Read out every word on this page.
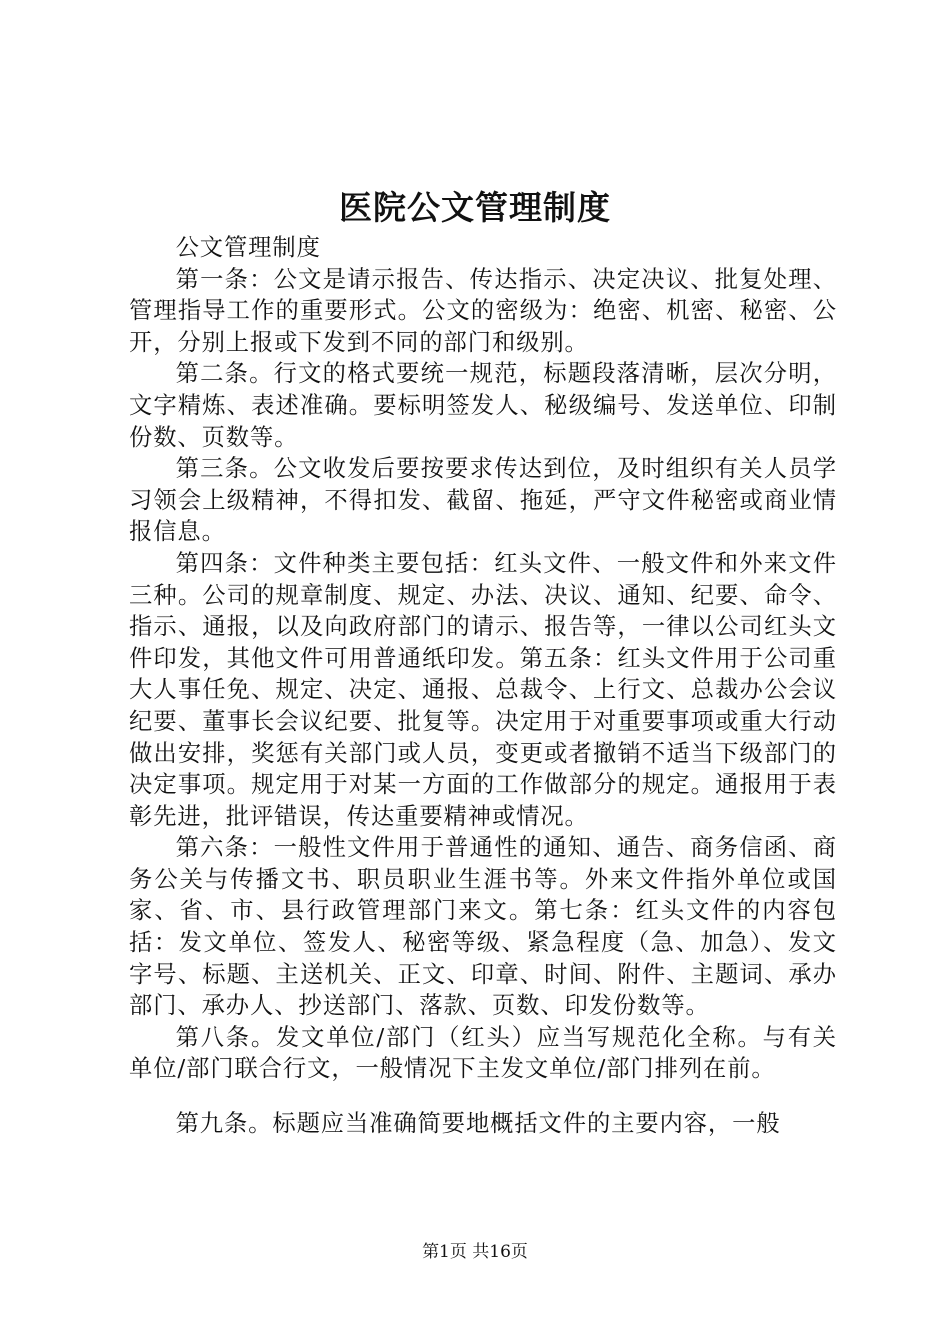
医院公文管理制度

公文管理制度

第一条：公文是请示报告、传达指示、决定决议、批复处理、管理指导工作的重要形式。公文的密级为：绝密、机密、秘密、公开，分别上报或下发到不同的部门和级别。

第二条。行文的格式要统一规范，标题段落清晰，层次分明，文字精炼、表述准确。要标明签发人、秘级编号、发送单位、印制份数、页数等。

第三条。公文收发后要按要求传达到位，及时组织有关人员学习领会上级精神，不得扣发、截留、拖延，严守文件秘密或商业情报信息。

第四条：文件种类主要包括：红头文件、一般文件和外来文件三种。公司的规章制度、规定、办法、决议、通知、纪要、命令、指示、通报，以及向政府部门的请示、报告等，一律以公司红头文件印发，其他文件可用普通纸印发。第五条：红头文件用于公司重大人事任免、规定、决定、通报、总裁令、上行文、总裁办公会议纪要、董事长会议纪要、批复等。决定用于对重要事项或重大行动做出安排，奖惩有关部门或人员，变更或者撤销不适当下级部门的决定事项。规定用于对某一方面的工作做部分的规定。通报用于表彰先进，批评错误，传达重要精神或情况。

第六条：一般性文件用于普通性的通知、通告、商务信函、商务公关与传播文书、职员职业生涯书等。外来文件指外单位或国家、省、市、县行政管理部门来文。第七条：红头文件的内容包括：发文单位、签发人、秘密等级、紧急程度（急、加急）、发文字号、标题、主送机关、正文、印章、时间、附件、主题词、承办部门、承办人、抄送部门、落款、页数、印发份数等。

第八条。发文单位/部门（红头）应当写规范化全称。与有关单位/部门联合行文，一般情况下主发文单位/部门排列在前。

第九条。标题应当准确简要地概括文件的主要内容，一般

第1页 共16页
